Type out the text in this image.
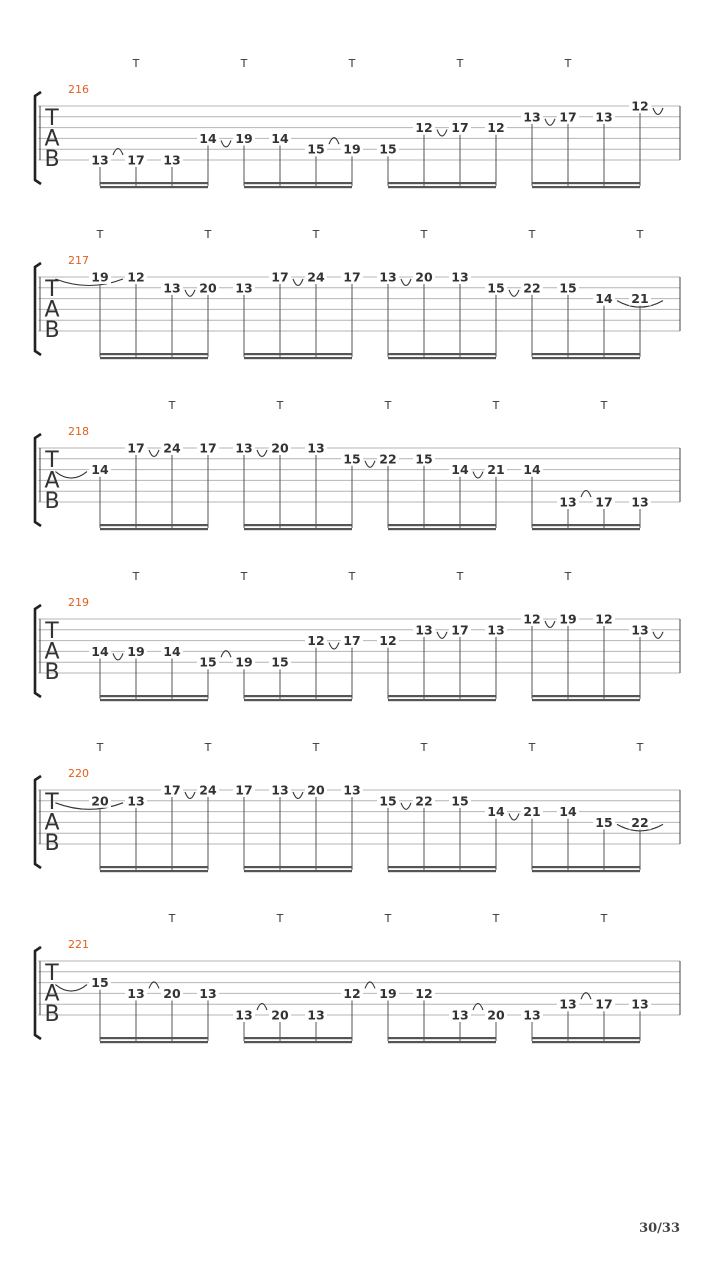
T
A
B
216
T	T	T	T	T
13 17 13
14 19 14
15 19 15
12 17 12
13 17 13
12
T
A
B
217
T	T	T	T	T	T
19 12
13 20 13
17 24 17 13 20 13
15 22 15
14 21
T
A
B
218
T	T	T	T	T
14
17 24 17 13 20 13
15 22 15
14 21 14
13 17 13
T
A
B
219
T	T	T	T	T
14 19 14
15 19 15
12 17 12
13 17 13
12 19 12
13
T
A
B
220
T	T	T	T	T	T
20 13
17 24 17 13 20 13
15 22 15
14 21 14
15 22
T
A
B
221
T	T	T	T	T
15
13 20 13
13 20 13
12 19 12
13 20 13
13 17 13
30/33
